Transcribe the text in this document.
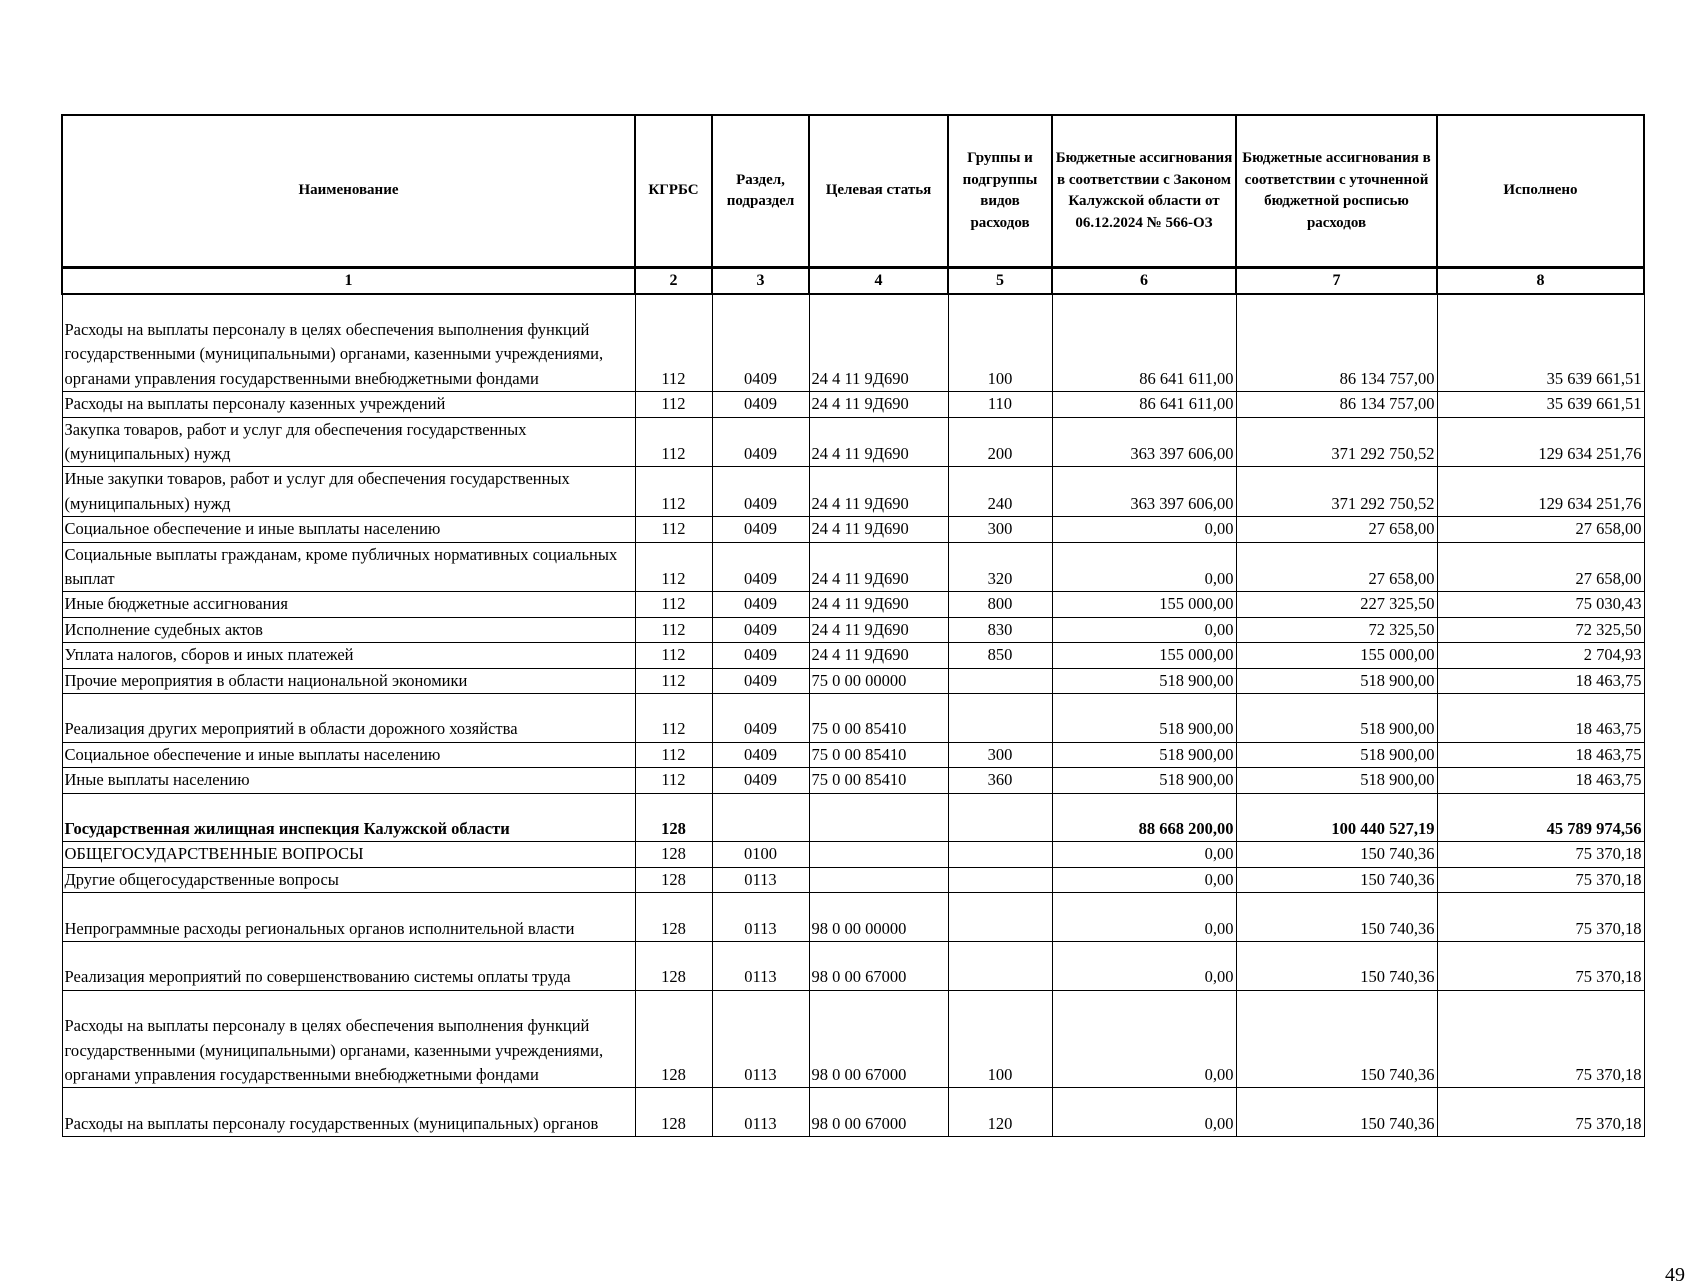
Наименование	КГРБС	Раздел, подраздел	Целевая статья	Группы и подгруппы видов расходов	Бюджетные ассигнования в соответствии с Законом Калужской области от 06.12.2024 № 566-ОЗ	Бюджетные ассигнования в соответствии с уточненной бюджетной росписью расходов	Исполнено
1	2	3	4	5	6	7	8
Расходы на выплаты персоналу в целях обеспечения выполнения функций государственными (муниципальными) органами, казенными учреждениями, органами управления государственными внебюджетными фондами	112	0409	24 4 11 9Д690	100	86 641 611,00	86 134 757,00	35 639 661,51
Расходы на выплаты персоналу казенных учреждений	112	0409	24 4 11 9Д690	110	86 641 611,00	86 134 757,00	35 639 661,51
Закупка товаров, работ и услуг для обеспечения государственных (муниципальных) нужд	112	0409	24 4 11 9Д690	200	363 397 606,00	371 292 750,52	129 634 251,76
Иные закупки товаров, работ и услуг для обеспечения государственных (муниципальных) нужд	112	0409	24 4 11 9Д690	240	363 397 606,00	371 292 750,52	129 634 251,76
Социальное обеспечение и иные выплаты населению	112	0409	24 4 11 9Д690	300	0,00	27 658,00	27 658,00
Социальные выплаты гражданам, кроме публичных нормативных социальных выплат	112	0409	24 4 11 9Д690	320	0,00	27 658,00	27 658,00
Иные бюджетные ассигнования	112	0409	24 4 11 9Д690	800	155 000,00	227 325,50	75 030,43
Исполнение судебных актов	112	0409	24 4 11 9Д690	830	0,00	72 325,50	72 325,50
Уплата налогов, сборов и иных платежей	112	0409	24 4 11 9Д690	850	155 000,00	155 000,00	2 704,93
Прочие мероприятия в области национальной экономики	112	0409	75 0 00 00000		518 900,00	518 900,00	18 463,75
Реализация других мероприятий в области дорожного хозяйства	112	0409	75 0 00 85410		518 900,00	518 900,00	18 463,75
Социальное обеспечение и иные выплаты населению	112	0409	75 0 00 85410	300	518 900,00	518 900,00	18 463,75
Иные выплаты населению	112	0409	75 0 00 85410	360	518 900,00	518 900,00	18 463,75
Государственная жилищная инспекция Калужской области	128				88 668 200,00	100 440 527,19	45 789 974,56
ОБЩЕГОСУДАРСТВЕННЫЕ ВОПРОСЫ	128	0100			0,00	150 740,36	75 370,18
Другие общегосударственные вопросы	128	0113			0,00	150 740,36	75 370,18
Непрограммные расходы региональных органов исполнительной власти	128	0113	98 0 00 00000		0,00	150 740,36	75 370,18
Реализация мероприятий по совершенствованию системы оплаты труда	128	0113	98 0 00 67000		0,00	150 740,36	75 370,18
Расходы на выплаты персоналу в целях обеспечения выполнения функций государственными (муниципальными) органами, казенными учреждениями, органами управления государственными внебюджетными фондами	128	0113	98 0 00 67000	100	0,00	150 740,36	75 370,18
Расходы на выплаты персоналу государственных (муниципальных) органов	128	0113	98 0 00 67000	120	0,00	150 740,36	75 370,18
49
